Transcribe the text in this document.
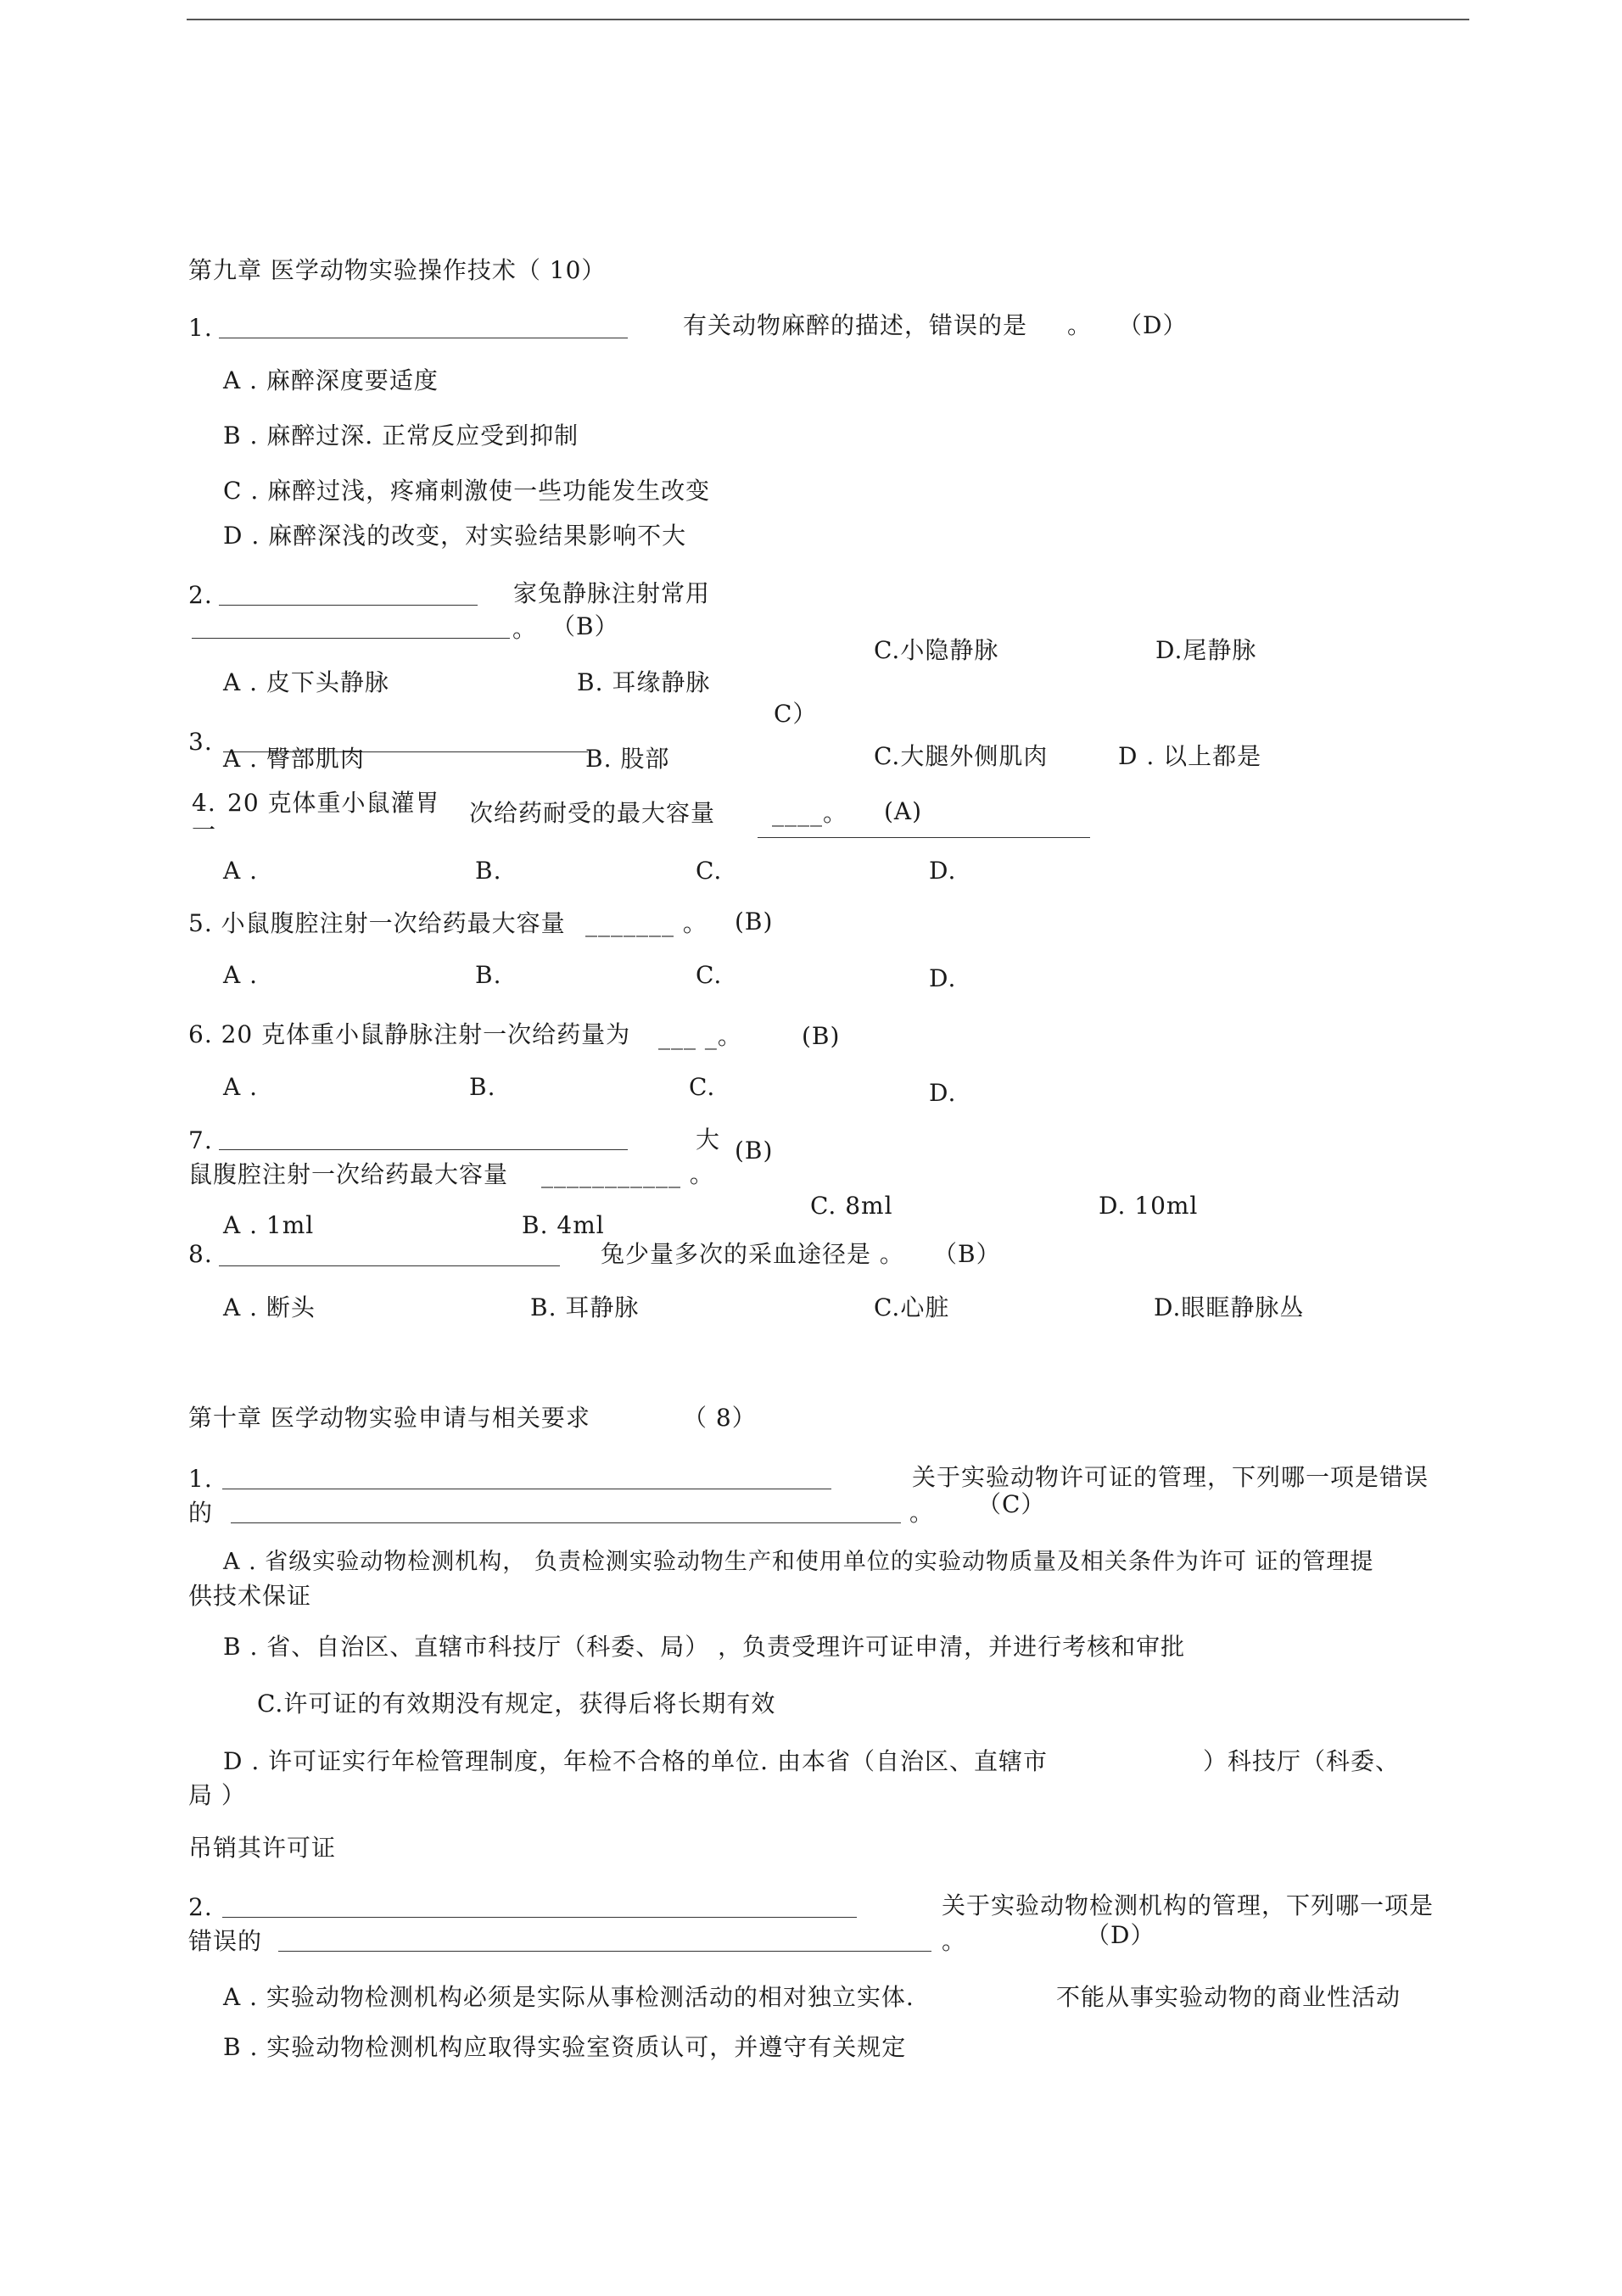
第九章 医学动物实验操作技术（ 10）
1.	有关动物麻醉的描述，错误的是 。 （D）
A . 麻醉深度要适度
B . 麻醉过深. 正常反应受到抑制
C . 麻醉过浅，疼痛刺激使一些功能发生改变
D . 麻醉深浅的改变，对实验结果影响不大
2.	家兔静脉注射常用
。 （B）
C.小隐静脉	D.尾静脉
A . 皮下头静脉	B. 耳缘静脉
C）
3.
A . 臀部肌肉	B. 股部	C.大腿外侧肌肉	D . 以上都是
4. 20 克体重小鼠灌胃
一
次给药耐受的最大容量 ____。 (A)
A .	B.	C.	D.
5. 小鼠腹腔注射一次给药最大容量 _______ 。 (B)
A .	B.	C.	D.
6. 20 克体重小鼠静脉注射一次给药量为 ___ _。	(B)
A .	B.	C.	D.
7.	大 (B)
鼠腹腔注射一次给药最大容量 ___________ 。
C. 8ml	D. 10ml
A . 1ml	B. 4ml
8.	兔少量多次的采血途径是 。 （B）
A . 断头	B. 耳静脉	C.心脏	D.眼眶静脉丛
第十章 医学动物实验申请与相关要求	（ 8）
1.	关于实验动物许可证的管理，下列哪一项是错误
的	。 （C）
A . 省级实验动物检测机构， 负责检测实验动物生产和使用单位的实验动物质量及相关条件为许可 证的管理提
供技术保证
B . 省、自治区、直辖市科技厅（科委、局） ，负责受理许可证申清，并进行考核和审批
C.许可证的有效期没有规定，获得后将长期有效
D . 许可证实行年检管理制度，年检不合格的单位. 由本省（自治区、直辖市	）科技厅（科委、
局 ）
吊销其许可证
2.	关于实验动物检测机构的管理，下列哪一项是
错误的	。	（D）
A . 实验动物检测机构必须是实际从事检测活动的相对独立实体.	不能从事实验动物的商业性活动
B . 实验动物检测机构应取得实验室资质认可，并遵守有关规定
